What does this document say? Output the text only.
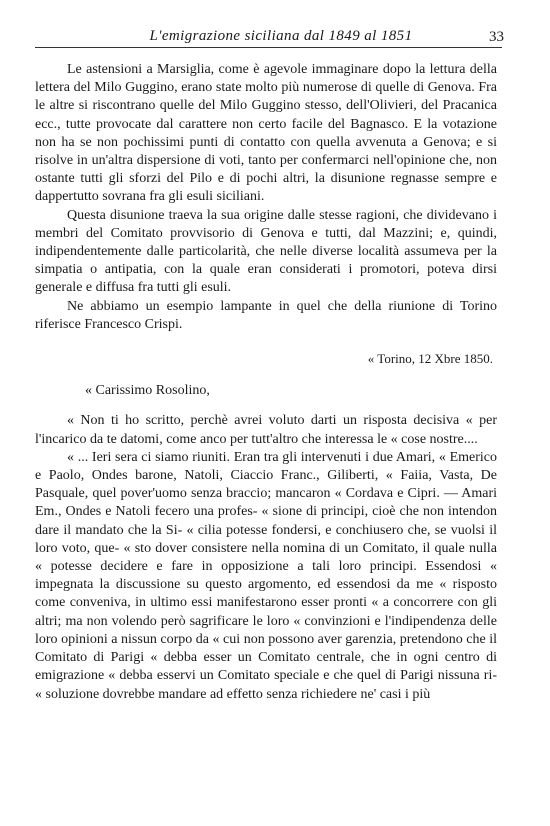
L'emigrazione siciliana dal 1849 al 1851	33

Le astensioni a Marsiglia, come è agevole immaginare dopo la lettura della lettera del Milo Guggino, erano state molto più numerose di quelle di Genova. Fra le altre si riscontrano quelle del Milo Guggino stesso, dell'Olivieri, del Pracanica ecc., tutte provocate dal carattere non certo facile del Bagnasco. E la votazione non ha se non pochissimi punti di contatto con quella avvenuta a Genova; e si risolve in un'altra dispersione di voti, tanto per confermarci nell'opinione che, non ostante tutti gli sforzi del Pilo e di pochi altri, la disunione regnasse sempre e dappertutto sovrana fra gli esuli siciliani.

Questa disunione traeva la sua origine dalle stesse ragioni, che dividevano i membri del Comitato provvisorio di Genova e tutti, dal Mazzini; e, quindi, indipendentemente dalle particolarità, che nelle diverse località assumeva per la simpatia o antipatia, con la quale eran considerati i promotori, poteva dirsi generale e diffusa fra tutti gli esuli.

Ne abbiamo un esempio lampante in quel che della riunione di Torino riferisce Francesco Crispi.

« Torino, 12 Xbre 1850.
« Carissimo Rosolino,

« Non ti ho scritto, perchè avrei voluto darti un risposta decisiva « per l'incarico da te datomi, come anco per tutt'altro che interessa le « cose nostre....

« ... Ieri sera ci siamo riuniti. Eran tra gli intervenuti i due Amari, « Emerico e Paolo, Ondes barone, Natoli, Ciaccio Franc., Giliberti, « Faiia, Vasta, De Pasquale, quel pover'uomo senza braccio; mancaron « Cordava e Cipri. — Amari Em., Ondes e Natoli fecero una profes- « sione di principi, cioè che non intendon dare il mandato che la Si- « cilia potesse fondersi, e conchiusero che, se vuolsi il loro voto, que- « sto dover consistere nella nomina di un Comitato, il quale nulla « potesse decidere e fare in opposizione a tali loro principi. Essendosi « impegnata la discussione su questo argomento, ed essendosi da me « risposto come conveniva, in ultimo essi manifestarono esser pronti « a concorrere con gli altri; ma non volendo però sagrificare le loro « convinzioni e l'indipendenza delle loro opinioni a nissun corpo da « cui non possono aver garenzia, pretendono che il Comitato di Parigi « debba esser un Comitato centrale, che in ogni centro di emigrazione « debba esservi un Comitato speciale e che quel di Parigi nissuna ri- « soluzione dovrebbe mandare ad effetto senza richiedere ne' casi i più
